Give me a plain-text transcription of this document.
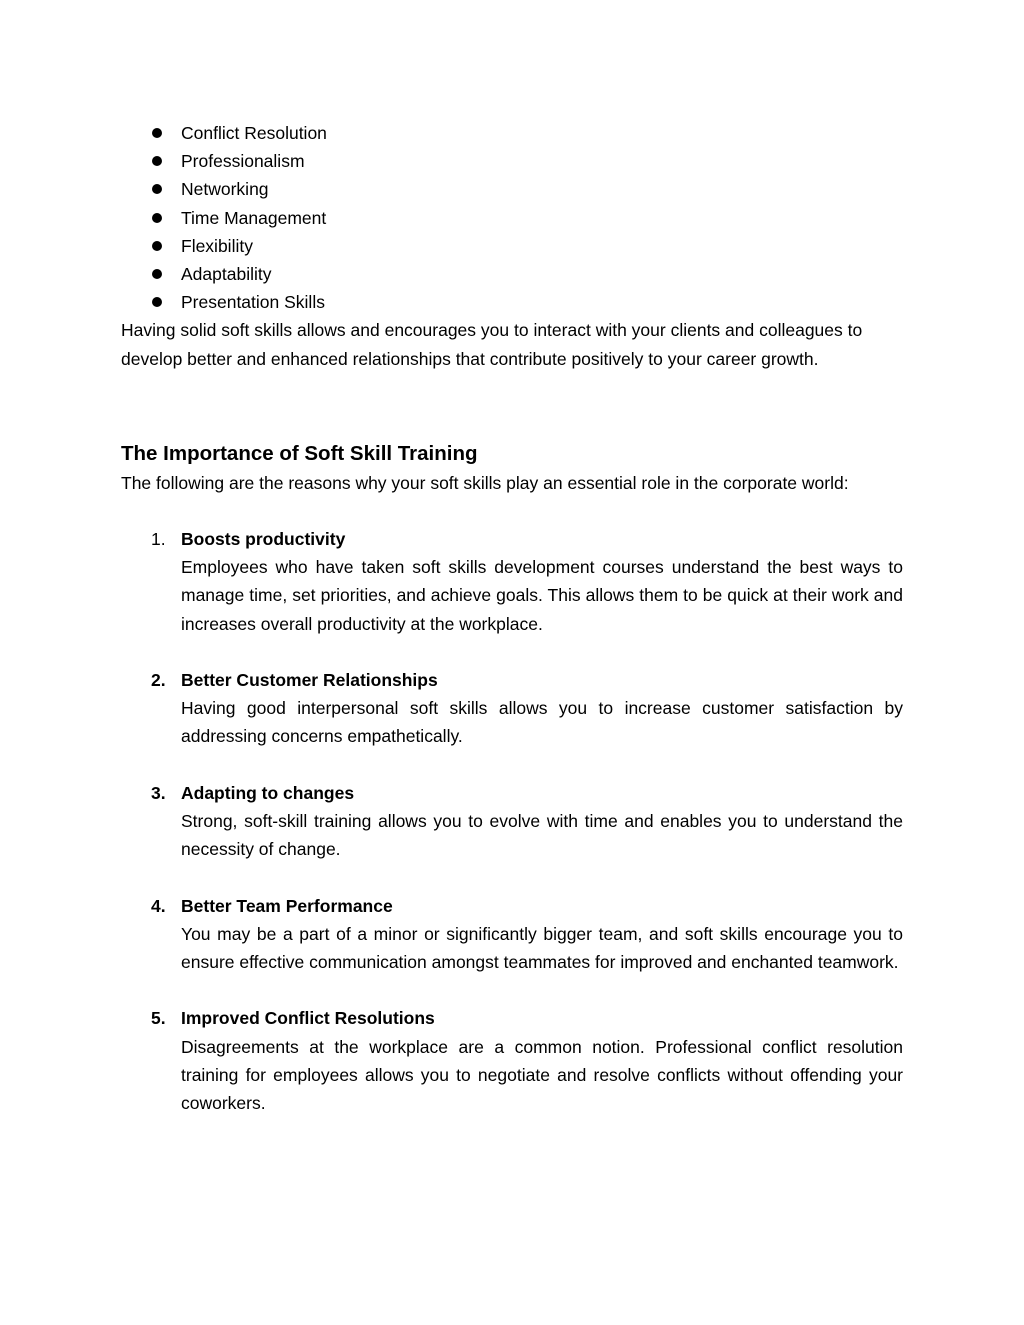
Conflict Resolution
Professionalism
Networking
Time Management
Flexibility
Adaptability
Presentation Skills

Having solid soft skills allows and encourages you to interact with your clients and colleagues to develop better and enhanced relationships that contribute positively to your career growth.

The Importance of Soft Skill Training

The following are the reasons why your soft skills play an essential role in the corporate world:

1. Boosts productivity
Employees who have taken soft skills development courses understand the best ways to manage time, set priorities, and achieve goals. This allows them to be quick at their work and increases overall productivity at the workplace.
2. Better Customer Relationships
Having good interpersonal soft skills allows you to increase customer satisfaction by addressing concerns empathetically.
3. Adapting to changes
Strong, soft-skill training allows you to evolve with time and enables you to understand the necessity of change.
4. Better Team Performance
You may be a part of a minor or significantly bigger team, and soft skills encourage you to ensure effective communication amongst teammates for improved and enchanted teamwork.
5. Improved Conflict Resolutions
Disagreements at the workplace are a common notion. Professional conflict resolution training for employees allows you to negotiate and resolve conflicts without offending your coworkers.
